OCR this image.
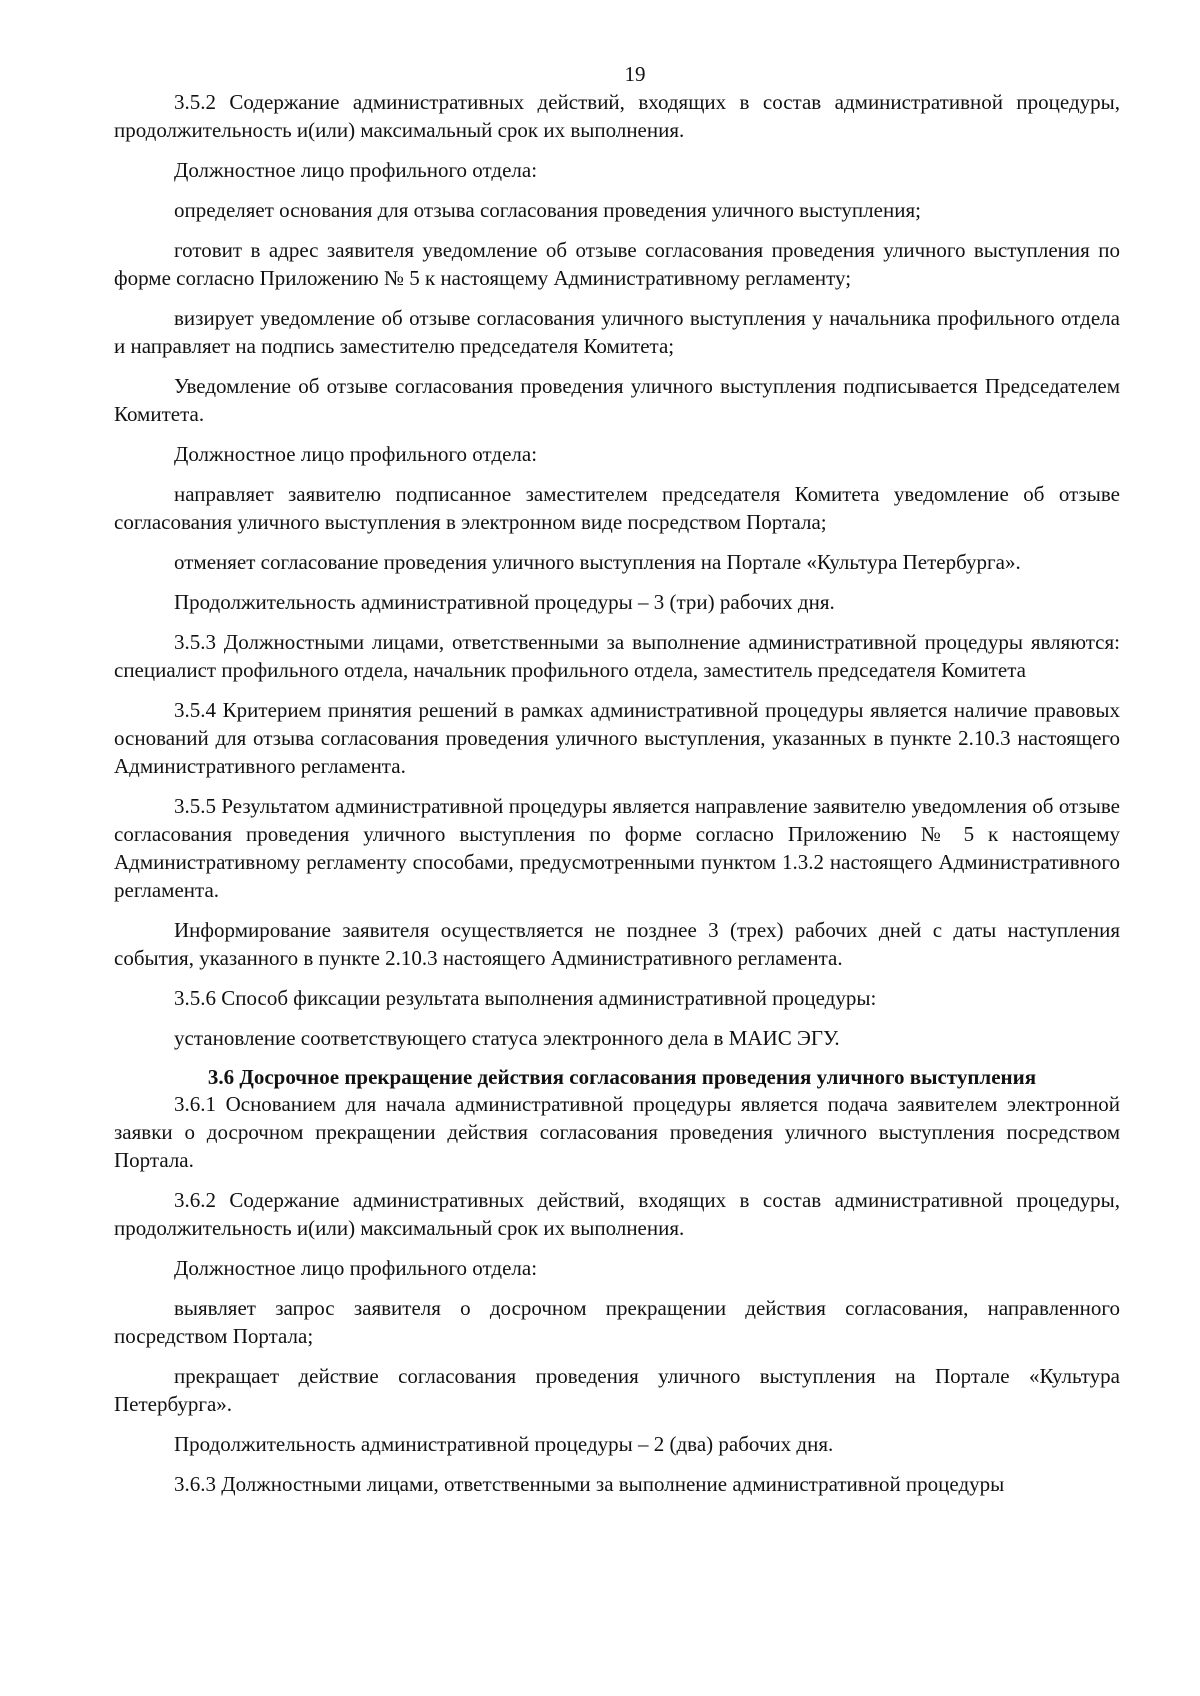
19

3.5.2 Содержание административных действий, входящих в состав административной процедуры, продолжительность и(или) максимальный срок их выполнения.

Должностное лицо профильного отдела:

определяет основания для отзыва согласования проведения уличного выступления;

готовит в адрес заявителя уведомление об отзыве согласования проведения уличного выступления по форме согласно Приложению № 5 к настоящему Административному регламенту;

визирует уведомление об отзыве согласования уличного выступления у начальника профильного отдела и направляет на подпись заместителю председателя Комитета;

Уведомление об отзыве согласования проведения уличного выступления подписывается Председателем Комитета.

Должностное лицо профильного отдела:

направляет заявителю подписанное заместителем председателя Комитета уведомление об отзыве согласования уличного выступления в электронном виде посредством Портала;

отменяет согласование проведения уличного выступления на Портале «Культура Петербурга».

Продолжительность административной процедуры – 3 (три) рабочих дня.

3.5.3 Должностными лицами, ответственными за выполнение административной процедуры являются: специалист профильного отдела, начальник профильного отдела, заместитель председателя Комитета

3.5.4 Критерием принятия решений в рамках административной процедуры является наличие правовых оснований для отзыва согласования проведения уличного выступления, указанных в пункте 2.10.3 настоящего Административного регламента.

3.5.5 Результатом административной процедуры является направление заявителю уведомления об отзыве согласования проведения уличного выступления по форме согласно Приложению № 5 к настоящему Административному регламенту способами, предусмотренными пунктом 1.3.2 настоящего Административного регламента.

Информирование заявителя осуществляется не позднее 3 (трех) рабочих дней с даты наступления события, указанного в пункте 2.10.3 настоящего Административного регламента.

3.5.6 Способ фиксации результата выполнения административной процедуры:

установление соответствующего статуса электронного дела в МАИС ЭГУ.

3.6 Досрочное прекращение действия согласования проведения уличного выступления

3.6.1 Основанием для начала административной процедуры является подача заявителем электронной заявки о досрочном прекращении действия согласования проведения уличного выступления посредством Портала.

3.6.2 Содержание административных действий, входящих в состав административной процедуры, продолжительность и(или) максимальный срок их выполнения.

Должностное лицо профильного отдела:

выявляет запрос заявителя о досрочном прекращении действия согласования, направленного посредством Портала;

прекращает действие согласования проведения уличного выступления на Портале «Культура Петербурга».

Продолжительность административной процедуры – 2 (два) рабочих дня.

3.6.3 Должностными лицами, ответственными за выполнение административной процедуры
